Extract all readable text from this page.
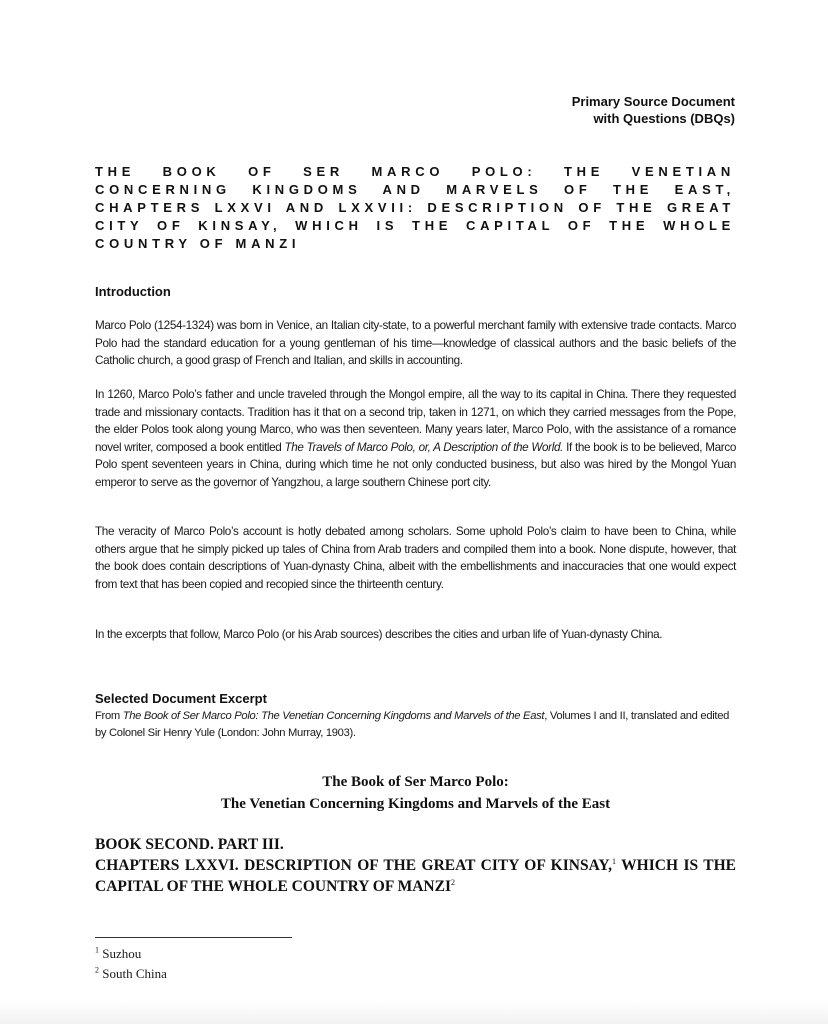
Primary Source Document
with Questions (DBQs)
THE BOOK OF SER MARCO POLO: THE VENETIAN CONCERNING KINGDOMS AND MARVELS OF THE EAST, CHAPTERS LXXVI AND LXXVII: DESCRIPTION OF THE GREAT CITY OF KINSAY, WHICH IS THE CAPITAL OF THE WHOLE COUNTRY OF MANZI
Introduction
Marco Polo (1254-1324) was born in Venice, an Italian city-state, to a powerful merchant family with extensive trade contacts. Marco Polo had the standard education for a young gentleman of his time—knowledge of classical authors and the basic beliefs of the Catholic church, a good grasp of French and Italian, and skills in accounting.
In 1260, Marco Polo’s father and uncle traveled through the Mongol empire, all the way to its capital in China. There they requested trade and missionary contacts. Tradition has it that on a second trip, taken in 1271, on which they carried messages from the Pope, the elder Polos took along young Marco, who was then seventeen. Many years later, Marco Polo, with the assistance of a romance novel writer, composed a book entitled The Travels of Marco Polo, or, A Description of the World. If the book is to be believed, Marco Polo spent seventeen years in China, during which time he not only conducted business, but also was hired by the Mongol Yuan emperor to serve as the governor of Yangzhou, a large southern Chinese port city.
The veracity of Marco Polo’s account is hotly debated among scholars. Some uphold Polo’s claim to have been to China, while others argue that he simply picked up tales of China from Arab traders and compiled them into a book. None dispute, however, that the book does contain descriptions of Yuan-dynasty China, albeit with the embellishments and inaccuracies that one would expect from text that has been copied and recopied since the thirteenth century.
In the excerpts that follow, Marco Polo (or his Arab sources) describes the cities and urban life of Yuan-dynasty China.
Selected Document Excerpt
From The Book of Ser Marco Polo: The Venetian Concerning Kingdoms and Marvels of the East, Volumes I and II, translated and edited by Colonel Sir Henry Yule (London: John Murray, 1903).
The Book of Ser Marco Polo:
The Venetian Concerning Kingdoms and Marvels of the East
BOOK SECOND. PART III.
CHAPTERS LXXVI. DESCRIPTION OF THE GREAT CITY OF KINSAY,$^1$ WHICH IS THE CAPITAL OF THE WHOLE COUNTRY OF MANZI$^2$
$^1$ Suzhou
$^2$ South China
